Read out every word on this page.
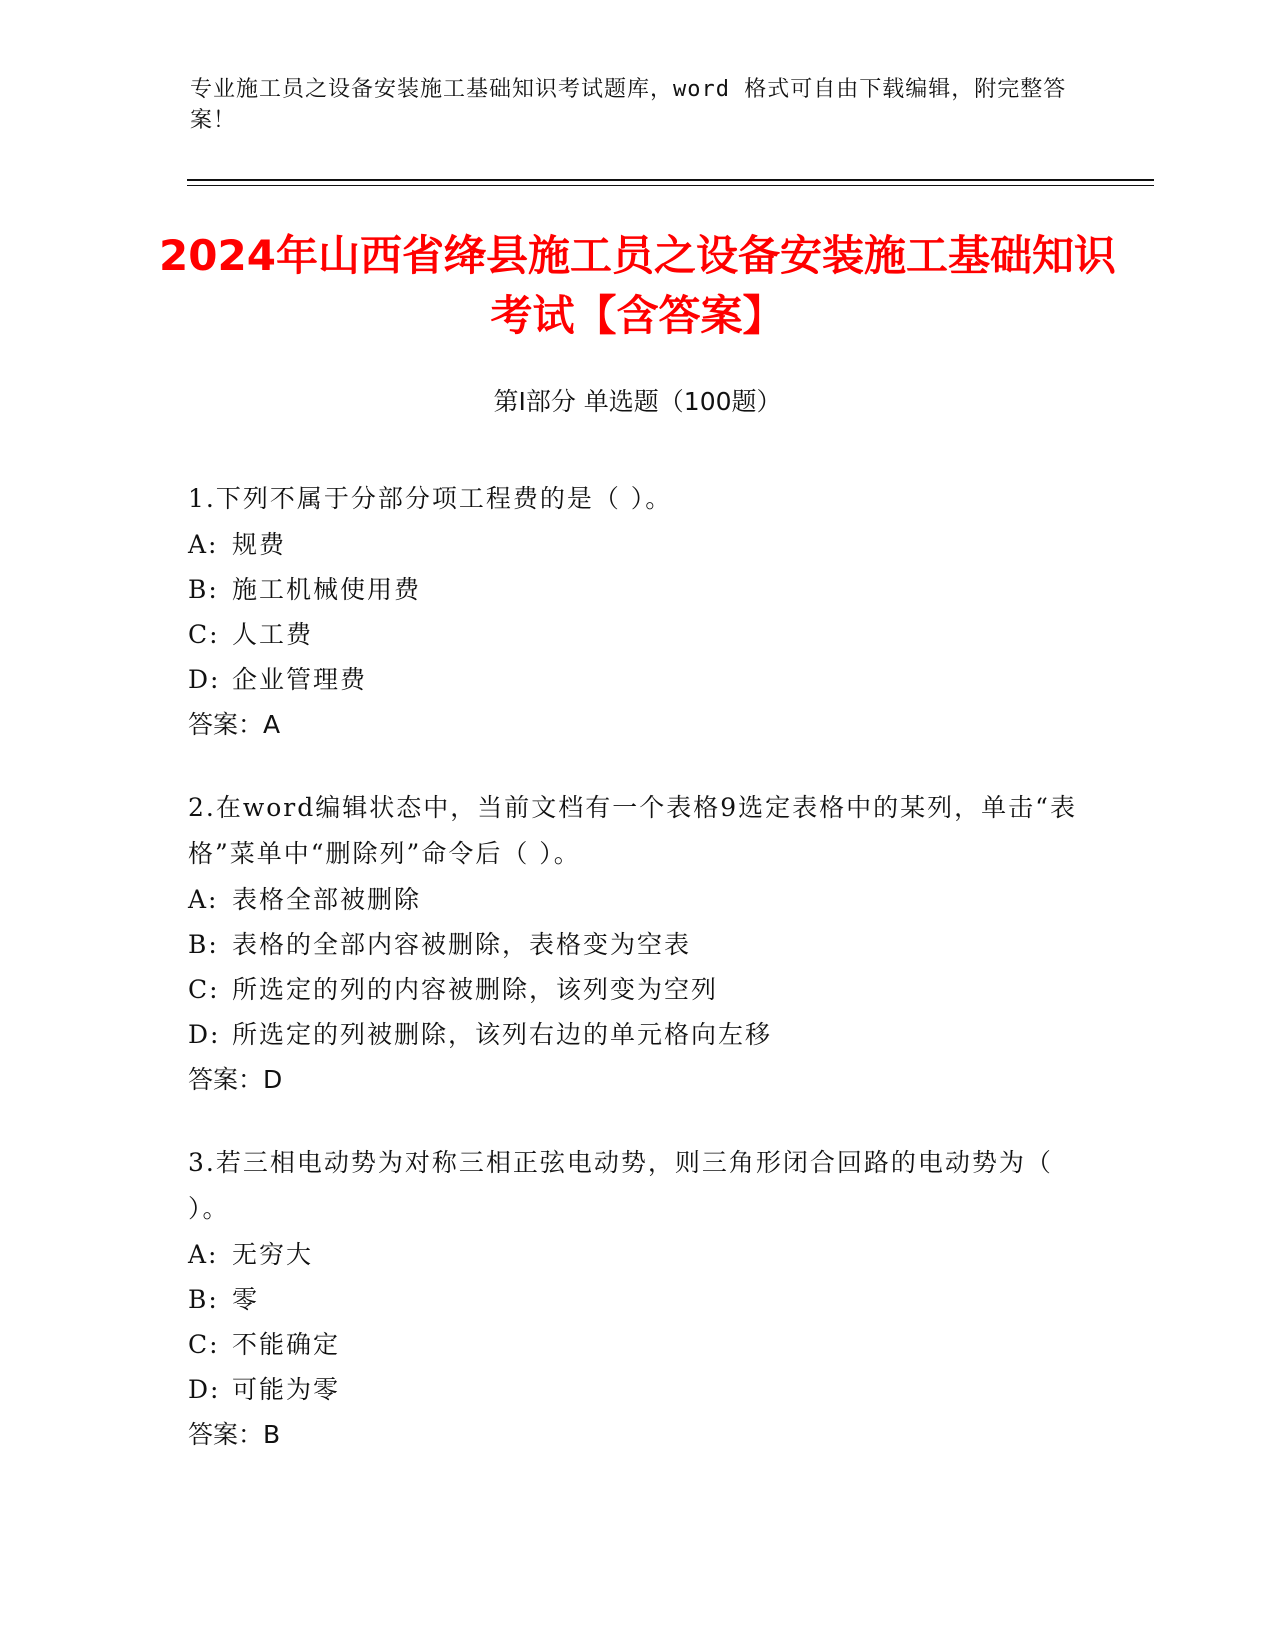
专业施工员之设备安装施工基础知识考试题库，word 格式可自由下载编辑，附完整答案！
2024年山西省绛县施工员之设备安装施工基础知识考试【含答案】
第Ⅰ部分 单选题（100题）
1.下列不属于分部分项工程费的是（ ）。
A: 规费
B: 施工机械使用费
C: 人工费
D: 企业管理费
答案：A
2.在word编辑状态中，当前文档有一个表格9选定表格中的某列，单击“表格”菜单中“删除列”命令后（ ）。
A: 表格全部被删除
B: 表格的全部内容被删除，表格变为空表
C: 所选定的列的内容被删除，该列变为空列
D: 所选定的列被删除，该列右边的单元格向左移
答案：D
3.若三相电动势为对称三相正弦电动势，则三角形闭合回路的电动势为（ ）。
A: 无穷大
B: 零
C: 不能确定
D: 可能为零
答案：B
